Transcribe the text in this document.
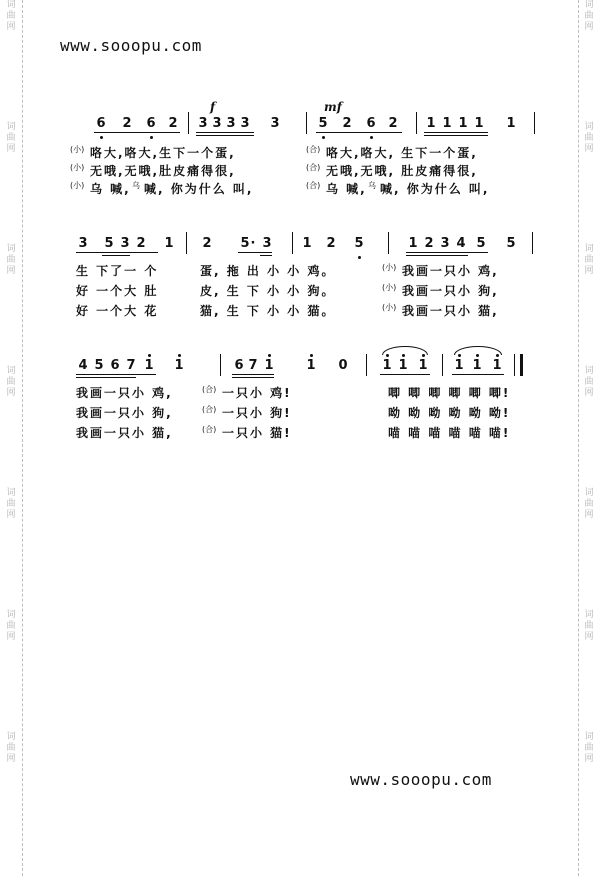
词
曲
网
词
曲
网
词
曲
网
词
曲
网
词
曲
网
词
曲
网
词
曲
网
词
曲
网
词
曲
网
词
曲
网
词
曲
网
词
曲
网
词
曲
网
词
曲
网
www.sooopu.com
6 2 6 2
f
3 3 3 3 3
mf
5 2 6 2 1 1 1 1 1
(小) 咯大,咯大,生下一个蛋,	(合) 咯大,咯大, 生下一个蛋,
(小) 无哦,无哦,肚皮痛得很,	(合) 无哦,无哦, 肚皮痛得很,
(小) 乌 喊, 乌 喊, 你为什么 叫,	(合) 乌 喊, 乌 喊, 你为什么 叫,
3 5 3 2 1 2 5 · 3 1 2 5	1 2 3 4 5 5
生 下了一 个	蛋, 拖 出 小 小 鸡。	(小) 我画一只小 鸡,
好 一个大 肚	皮, 生 下 小 小 狗。	(小) 我画一只小 狗,
好 一个大 花	猫, 生 下 小 小 猫。	(小) 我画一只小 猫,
4 5 6 7 1 1	6 7 1	1 0	1 1 1 1 1 1
我画一只小 鸡,	(合) 一只小 鸡!	唧 唧 唧 唧 唧 唧!
我画一只小 狗,	(合) 一只小 狗!	呦 呦 呦 呦 呦 呦!
我画一只小 猫,	(合) 一只小 猫!	喵 喵 喵 喵 喵 喵!
www.sooopu.com
